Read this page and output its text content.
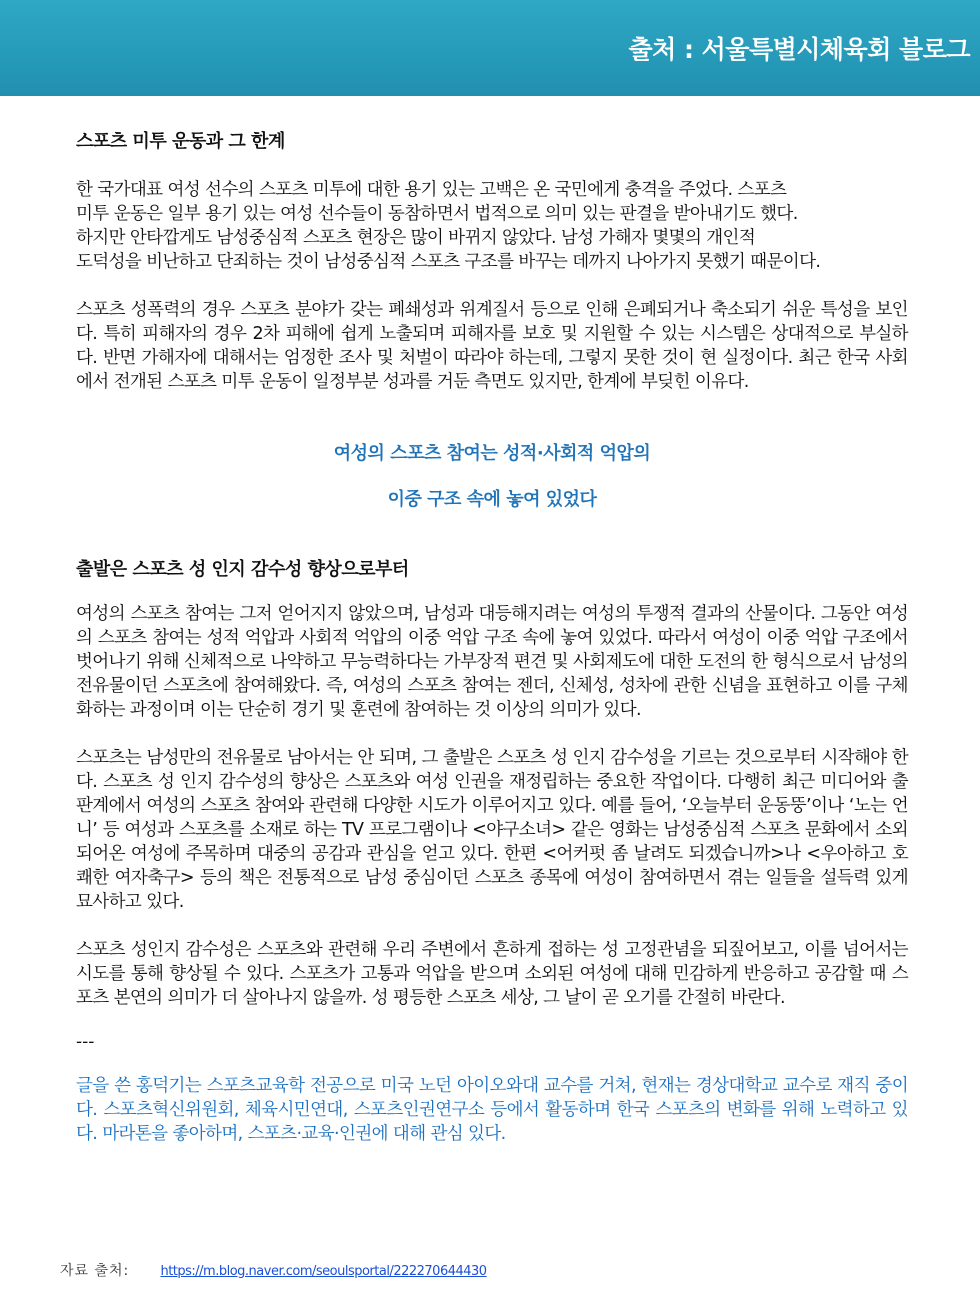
출처 : 서울특별시체육회 블로그

스포츠 미투 운동과 그 한계

한 국가대표 여성 선수의 스포츠 미투에 대한 용기 있는 고백은 온 국민에게 충격을 주었다. 스포츠
미투 운동은 일부 용기 있는 여성 선수들이 동참하면서 법적으로 의미 있는 판결을 받아내기도 했다.
하지만 안타깝게도 남성중심적 스포츠 현장은 많이 바뀌지 않았다. 남성 가해자 몇몇의 개인적
도덕성을 비난하고 단죄하는 것이 남성중심적 스포츠 구조를 바꾸는 데까지 나아가지 못했기 때문이다.

스포츠 성폭력의 경우 스포츠 분야가 갖는 폐쇄성과 위계질서 등으로 인해 은폐되거나 축소되기 쉬운 특성을 보인다. 특히 피해자의 경우 2차 피해에 쉽게 노출되며 피해자를 보호 및 지원할 수 있는 시스템은 상대적으로 부실하다. 반면 가해자에 대해서는 엄정한 조사 및 처벌이 따라야 하는데, 그렇지 못한 것이 현 실정이다. 최근 한국 사회에서 전개된 스포츠 미투 운동이 일정부분 성과를 거둔 측면도 있지만, 한계에 부딪힌 이유다.

여성의 스포츠 참여는 성적·사회적 억압의

이중 구조 속에 놓여 있었다

출발은 스포츠 성 인지 감수성 향상으로부터

여성의 스포츠 참여는 그저 얻어지지 않았으며, 남성과 대등해지려는 여성의 투쟁적 결과의 산물이다. 그동안 여성의 스포츠 참여는 성적 억압과 사회적 억압의 이중 억압 구조 속에 놓여 있었다. 따라서 여성이 이중 억압 구조에서 벗어나기 위해 신체적으로 나약하고 무능력하다는 가부장적 편견 및 사회제도에 대한 도전의 한 형식으로서 남성의 전유물이던 스포츠에 참여해왔다. 즉, 여성의 스포츠 참여는 젠더, 신체성, 성차에 관한 신념을 표현하고 이를 구체화하는 과정이며 이는 단순히 경기 및 훈련에 참여하는 것 이상의 의미가 있다.

스포츠는 남성만의 전유물로 남아서는 안 되며, 그 출발은 스포츠 성 인지 감수성을 기르는 것으로부터 시작해야 한다. 스포츠 성 인지 감수성의 향상은 스포츠와 여성 인권을 재정립하는 중요한 작업이다. 다행히 최근 미디어와 출판계에서 여성의 스포츠 참여와 관련해 다양한 시도가 이루어지고 있다. 예를 들어, ‘오늘부터 운동뚱’이나 ‘노는 언니’ 등 여성과 스포츠를 소재로 하는 TV 프로그램이나 <야구소녀> 같은 영화는 남성중심적 스포츠 문화에서 소외되어온 여성에 주목하며 대중의 공감과 관심을 얻고 있다. 한편 <어커펏 좀 날려도 되겠습니까>나 <우아하고 호쾌한 여자축구> 등의 책은 전통적으로 남성 중심이던 스포츠 종목에 여성이 참여하면서 겪는 일들을 설득력 있게 묘사하고 있다.

스포츠 성인지 감수성은 스포츠와 관련해 우리 주변에서 흔하게 접하는 성 고정관념을 되짚어보고, 이를 넘어서는 시도를 통해 향상될 수 있다. 스포츠가 고통과 억압을 받으며 소외된 여성에 대해 민감하게 반응하고 공감할 때 스포츠 본연의 의미가 더 살아나지 않을까. 성 평등한 스포츠 세상, 그 날이 곧 오기를 간절히 바란다.

---

글을 쓴 홍덕기는 스포츠교육학 전공으로 미국 노던 아이오와대 교수를 거쳐, 현재는 경상대학교 교수로 재직 중이다. 스포츠혁신위원회, 체육시민연대, 스포츠인권연구소 등에서 활동하며 한국 스포츠의 변화를 위해 노력하고 있다. 마라톤을 좋아하며, 스포츠·교육·인권에 대해 관심 있다.

자료 출처: https://m.blog.naver.com/seoulsportal/222270644430
